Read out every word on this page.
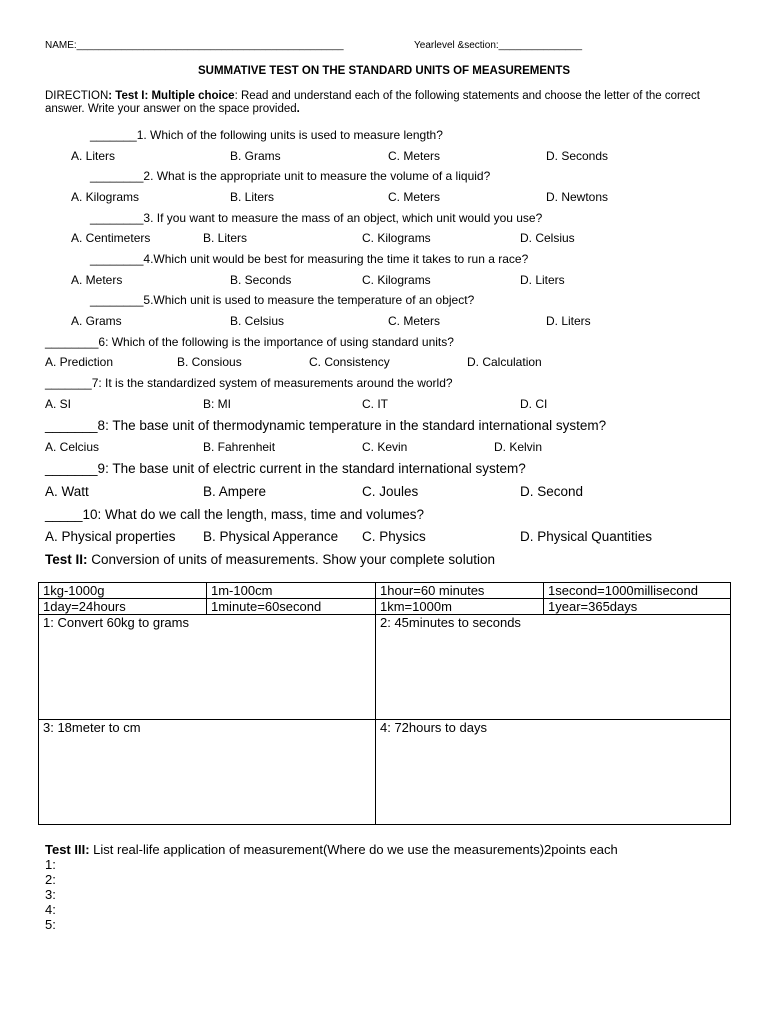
NAME:________________________________________________	Yearlevel &section:_______________
SUMMATIVE TEST ON THE STANDARD UNITS OF MEASUREMENTS
DIRECTION: Test I: Multiple choice: Read and understand each of the following statements and choose the letter of the correct answer. Write your answer on the space provided.
_______1. Which of the following units is used to measure length?
A. Liters	B. Grams	C. Meters	D. Seconds
________2. What is the appropriate unit to measure the volume of a liquid?
A. Kilograms	B. Liters	C. Meters	D. Newtons
________3. If you want to measure the mass of an object, which unit would you use?
A. Centimeters	B. Liters	C. Kilograms	D. Celsius
________4.Which unit would be best for measuring the time it takes to run a race?
A. Meters	B. Seconds	C. Kilograms	D. Liters
________5.Which unit is used to measure the temperature of an object?
A. Grams	B. Celsius	C. Meters	D. Liters
________6: Which of the following is the importance of using standard units?
A. Prediction	B. Consious	C. Consistency	D. Calculation
_______7: It is the standardized system of measurements around the world?
A. SI	B: MI	C. IT	D. CI
_______8: The base unit of thermodynamic temperature in the standard international system?
A. Celcius	B. Fahrenheit	C. Kevin	D. Kelvin
_______9: The base unit of electric current in the standard international system?
A. Watt	B. Ampere	C. Joules	D. Second
_____10: What do we call the length, mass, time and volumes?
A. Physical properties B. Physical Apperance C. Physics	D. Physical Quantities
Test II: Conversion of units of measurements. Show your complete solution
1kg-1000g	1m-100cm	1hour=60 minutes	1second=1000millisecond
1day=24hours	1minute=60second	1km=1000m	1year=365days
1: Convert 60kg to grams		2: 45minutes to seconds	
3: 18meter to cm		4: 72hours to days	
Test III: List real-life application of measurement(Where do we use the measurements)2points each
1:
2:
3:
4:
5:
